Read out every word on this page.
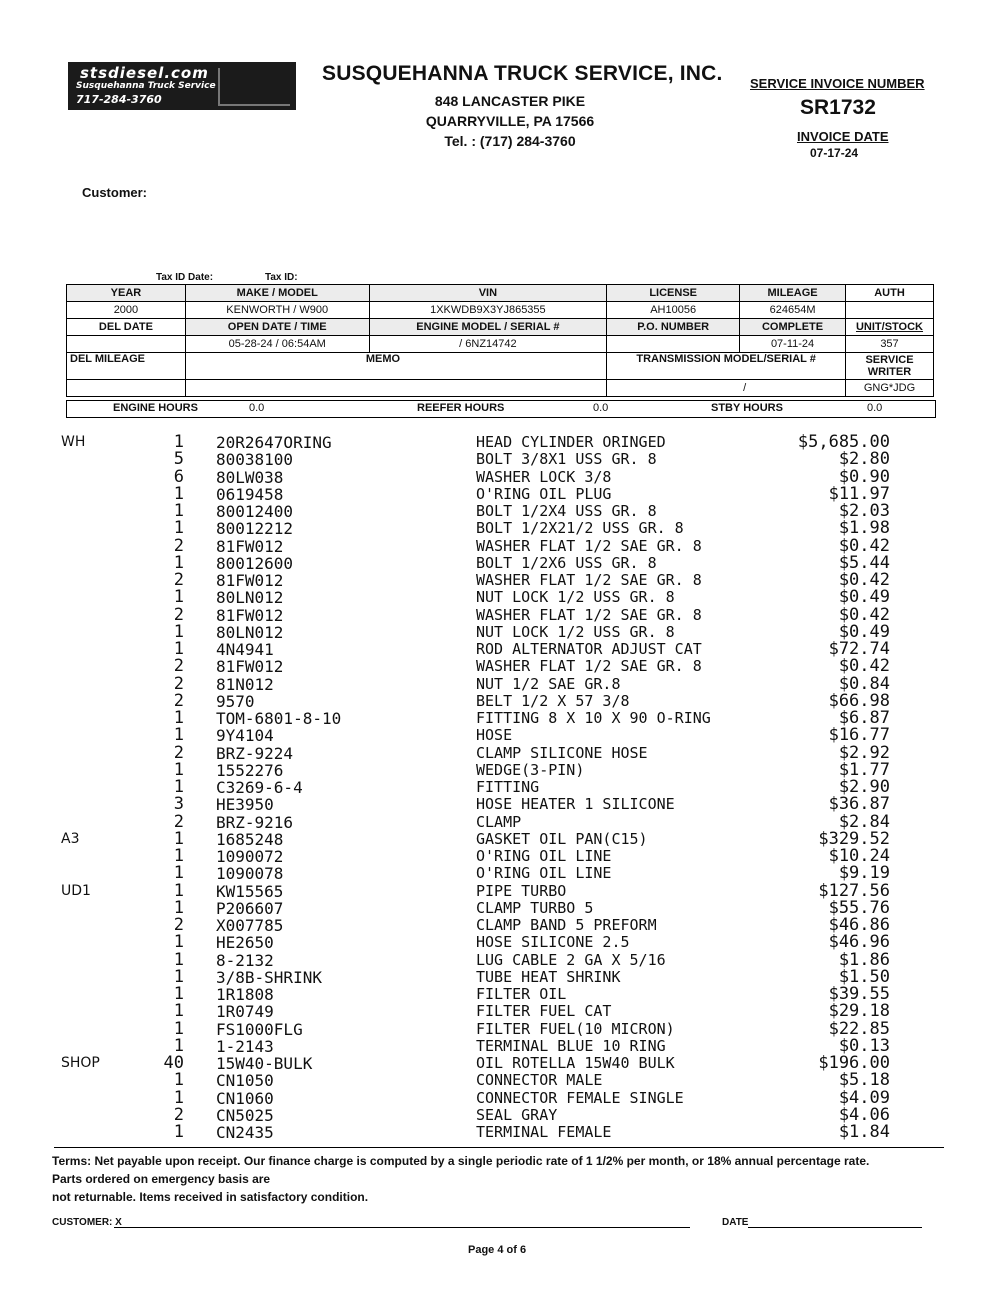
stsdiesel.com
Susquehanna Truck Service
717-284-3760
SUSQUEHANNA TRUCK SERVICE, INC.
848 LANCASTER PIKE
QUARRYVILLE, PA 17566
Tel. : (717) 284-3760
SERVICE INVOICE NUMBER
SR1732
INVOICE DATE
07-17-24
Customer:
Tax ID Date:	Tax ID:
YEAR	MAKE / MODEL	VIN	LICENSE	MILEAGE	AUTH
2000	KENWORTH / W900	1XKWDB9X3YJ865355	AH10056	624654M	
DEL DATE	OPEN DATE / TIME	ENGINE MODEL / SERIAL #	P.O. NUMBER	COMPLETE	UNIT/STOCK
	05-28-24 / 06:54AM	/ 6NZ14742		07-11-24	357
DEL MILEAGE	MEMO		TRANSMISSION MODEL/SERIAL #		SERVICE WRITER
			/		GNG*JDG
ENGINE HOURS	0.0	REEFER HOURS	0.0	STBY HOURS	0.0
WH	1 20R2647ORING	HEAD CYLINDER ORINGED	$5,685.00
5 80038100	BOLT 3/8X1 USS GR. 8	$2.80
6 80LW038	WASHER LOCK 3/8	$0.90
1 0619458	O'RING OIL PLUG	$11.97
1 80012400	BOLT 1/2X4 USS GR. 8	$2.03
1 80012212	BOLT 1/2X21/2 USS GR. 8	$1.98
2 81FW012	WASHER FLAT 1/2 SAE GR. 8	$0.42
1 80012600	BOLT 1/2X6 USS GR. 8	$5.44
2 81FW012	WASHER FLAT 1/2 SAE GR. 8	$0.42
1 80LN012	NUT LOCK 1/2 USS GR. 8	$0.49
2 81FW012	WASHER FLAT 1/2 SAE GR. 8	$0.42
1 80LN012	NUT LOCK 1/2 USS GR. 8	$0.49
1 4N4941	ROD ALTERNATOR ADJUST CAT	$72.74
2 81FW012	WASHER FLAT 1/2 SAE GR. 8	$0.42
2 81N012	NUT 1/2 SAE GR.8	$0.84
2 9570	BELT 1/2 X 57 3/8	$66.98
1 TOM-6801-8-10	FITTING 8 X 10 X 90 O-RING	$6.87
1 9Y4104	HOSE	$16.77
2 BRZ-9224	CLAMP SILICONE HOSE	$2.92
1 1552276	WEDGE(3-PIN)	$1.77
1 C3269-6-4	FITTING	$2.90
3 HE3950	HOSE HEATER 1 SILICONE	$36.87
2 BRZ-9216	CLAMP	$2.84
A3	1 1685248	GASKET OIL PAN(C15)	$329.52
1 1090072	O'RING OIL LINE	$10.24
1 1090078	O'RING OIL LINE	$9.19
UD1	1 KW15565	PIPE TURBO	$127.56
1 P206607	CLAMP TURBO 5	$55.76
2 X007785	CLAMP BAND 5 PREFORM	$46.86
1 HE2650	HOSE SILICONE 2.5	$46.96
1 8-2132	LUG CABLE 2 GA X 5/16	$1.86
1 3/8B-SHRINK	TUBE HEAT SHRINK	$1.50
1 1R1808	FILTER OIL	$39.55
1 1R0749	FILTER FUEL CAT	$29.18
1 FS1000FLG	FILTER FUEL(10 MICRON)	$22.85
1 1-2143	TERMINAL BLUE 10 RING	$0.13
SHOP	40 15W40-BULK	OIL ROTELLA 15W40 BULK	$196.00
1 CN1050	CONNECTOR MALE	$5.18
1 CN1060	CONNECTOR FEMALE SINGLE	$4.09
2 CN5025	SEAL GRAY	$4.06
1 CN2435	TERMINAL FEMALE	$1.84
Terms: Net payable upon receipt. Our finance charge is computed by a single periodic rate of 1 1/2% per month, or 18% annual percentage rate.
Parts ordered on emergency basis are
not returnable. Items received in satisfactory condition.
CUSTOMER: X	DATE
Page 4 of 6
